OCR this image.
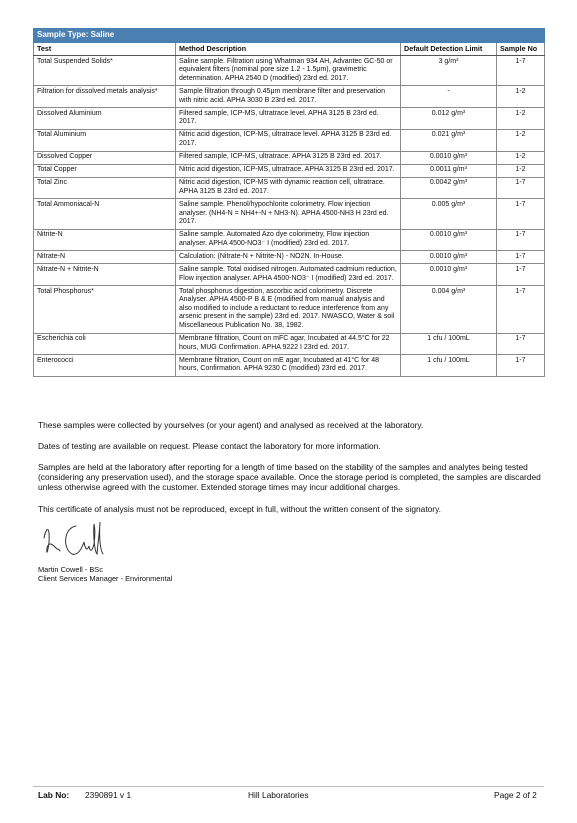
Sample Type: Saline			
Test	Method Description	Default Detection Limit	Sample No
Total Suspended Solids*	Saline sample. Filtration using Whatman 934 AH, Advantec GC-50 or equivalent filters (nominal pore size 1.2 - 1.5μm), gravimetric determination. APHA 2540 D (modified) 23rd ed. 2017.	3 g/m³	1-7
Filtration for dissolved metals analysis*	Sample filtration through 0.45μm membrane filter and preservation with nitric acid. APHA 3030 B 23rd ed. 2017.	-	1-2
Dissolved Aluminium	Filtered sample, ICP-MS, ultratrace level. APHA 3125 B 23rd ed. 2017.	0.012 g/m³	1-2
Total Aluminium	Nitric acid digestion, ICP-MS, ultratrace level. APHA 3125 B 23rd ed. 2017.	0.021 g/m³	1-2
Dissolved Copper	Filtered sample, ICP-MS, ultratrace. APHA 3125 B 23rd ed. 2017.	0.0010 g/m³	1-2
Total Copper	Nitric acid digestion, ICP-MS, ultratrace. APHA 3125 B 23rd ed. 2017.	0.0011 g/m³	1-2
Total Zinc	Nitric acid digestion, ICP-MS with dynamic reaction cell, ultratrace. APHA 3125 B 23rd ed. 2017.	0.0042 g/m³	1-7
Total Ammoniacal-N	Saline sample. Phenol/hypochlorite colorimetry. Flow injection analyser. (NH4-N = NH4+-N + NH3-N). APHA 4500-NH3 H 23rd ed. 2017.	0.005 g/m³	1-7
Nitrite-N	Saline sample. Automated Azo dye colorimetry, Flow injection analyser. APHA 4500-NO3⁻ I (modified) 23rd ed. 2017.	0.0010 g/m³	1-7
Nitrate-N	Calculation: (Nitrate-N + Nitrite-N) - NO2N. In-House.	0.0010 g/m³	1-7
Nitrate-N + Nitrite-N	Saline sample. Total oxidised nitrogen. Automated cadmium reduction, Flow injection analyser. APHA 4500-NO3⁻ I (modified) 23rd ed. 2017.	0.0010 g/m³	1-7
Total Phosphorus*	Total phosphorus digestion, ascorbic acid colorimetry. Discrete Analyser. APHA 4500-P B & E (modified from manual analysis and also modified to include a reductant to reduce interference from any arsenic present in the sample) 23rd ed. 2017. NWASCO, Water & soil Miscellaneous Publication No. 38, 1982.	0.004 g/m³	1-7
Escherichia coli	Membrane filtration, Count on mFC agar, Incubated at 44.5°C for 22 hours, MUG Confirmation. APHA 9222 I 23rd ed. 2017.	1 cfu / 100mL	1-7
Enterococci	Membrane filtration, Count on mE agar, Incubated at 41°C for 48 hours, Confirmation. APHA 9230 C (modified) 23rd ed. 2017.	1 cfu / 100mL	1-7

These samples were collected by yourselves (or your agent) and analysed as received at the laboratory.

Dates of testing are available on request. Please contact the laboratory for more information.

Samples are held at the laboratory after reporting for a length of time based on the stability of the samples and analytes being tested (considering any preservation used), and the storage space available. Once the storage period is completed, the samples are discarded unless otherwise agreed with the customer. Extended storage times may incur additional charges.

This certificate of analysis must not be reproduced, except in full, without the written consent of the signatory.

Martin Cowell - BSc
Client Services Manager - Environmental
Lab No: 2390891 v 1	Hill Laboratories	Page 2 of 2
